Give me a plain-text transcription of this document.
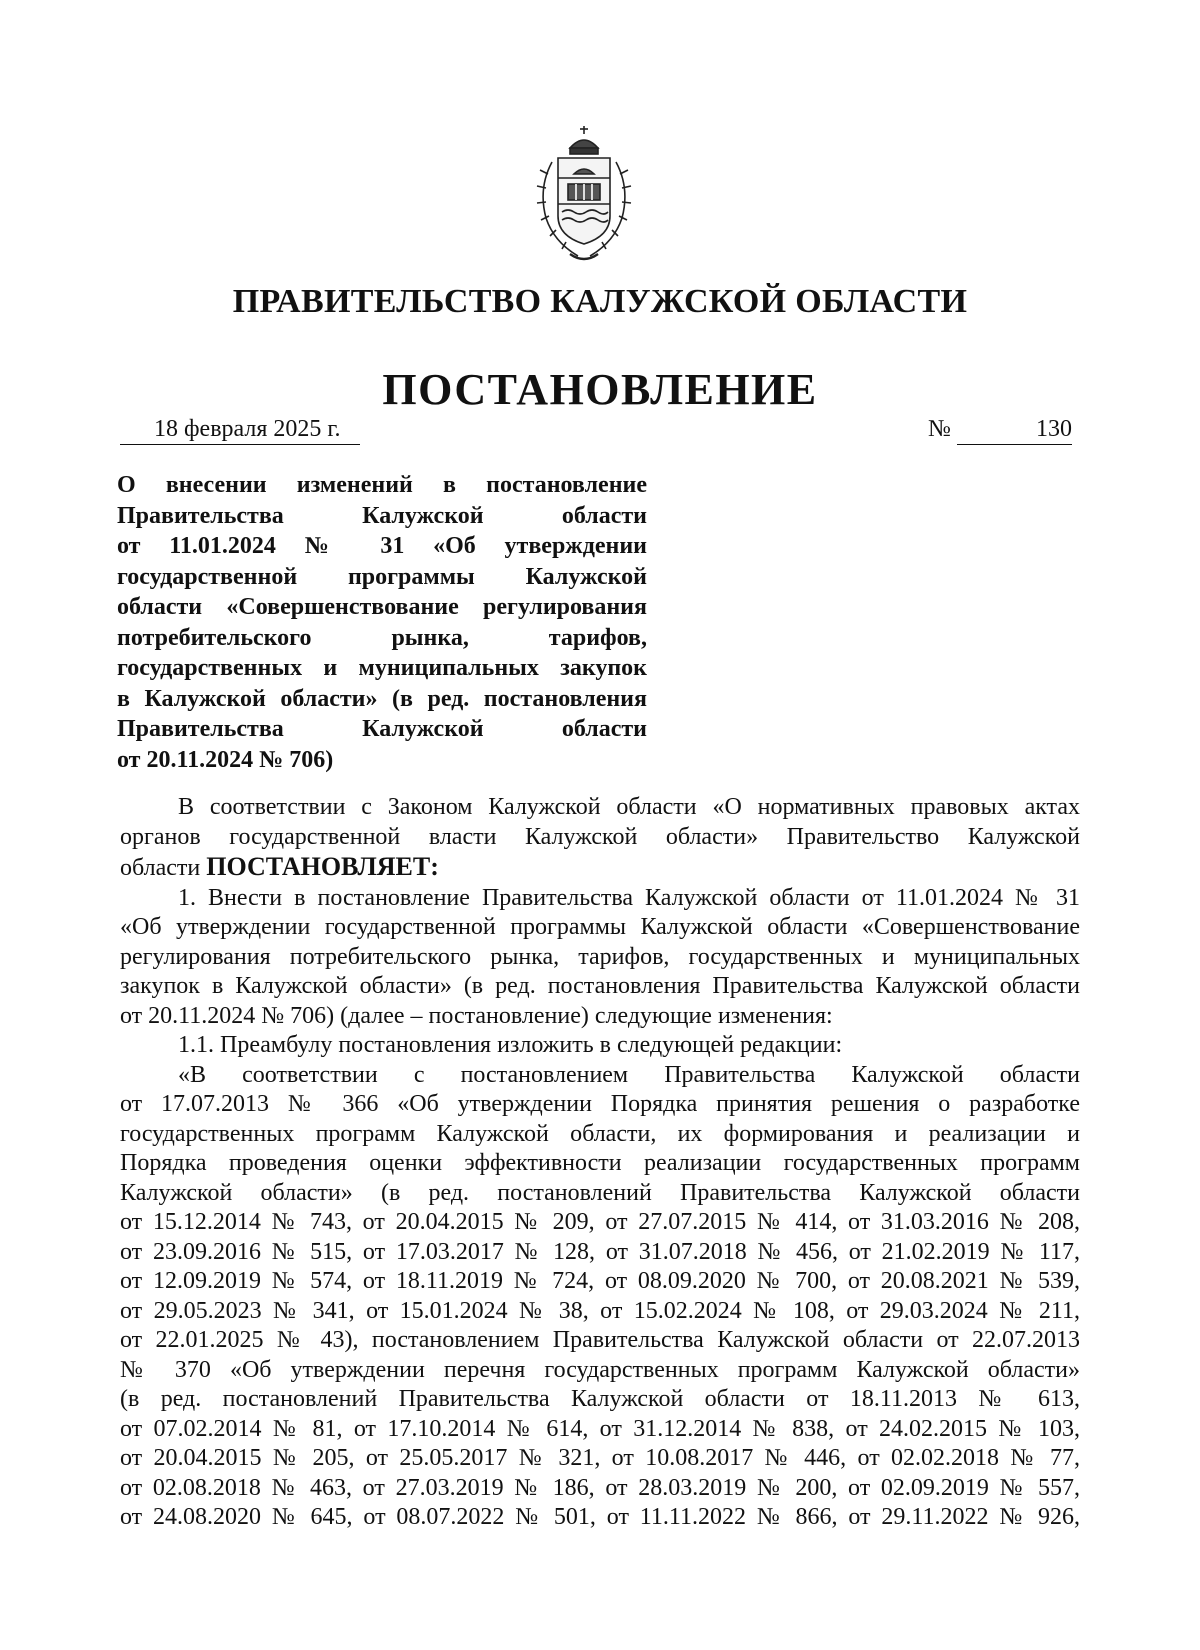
ПРАВИТЕЛЬСТВО КАЛУЖСКОЙ ОБЛАСТИ
ПОСТАНОВЛЕНИЕ
18 февраля 2025 г.	№	130
О внесении изменений в постановление
Правительства Калужской области
от 11.01.2024 № 31 «Об утверждении
государственной программы Калужской
области «Совершенствование регулирования
потребительского рынка, тарифов,
государственных и муниципальных закупок
в Калужской области» (в ред. постановления
Правительства Калужской области
от 20.11.2024 № 706)
В соответствии с Законом Калужской области «О нормативных правовых актах
органов государственной власти Калужской области» Правительство Калужской
области ПОСТАНОВЛЯЕТ:
1. Внести в постановление Правительства Калужской области от 11.01.2024 № 31
«Об утверждении государственной программы Калужской области «Совершенствование
регулирования потребительского рынка, тарифов, государственных и муниципальных
закупок в Калужской области» (в ред. постановления Правительства Калужской области
от 20.11.2024 № 706) (далее – постановление) следующие изменения:
1.1. Преамбулу постановления изложить в следующей редакции:
«В соответствии с постановлением Правительства Калужской области
от 17.07.2013 № 366 «Об утверждении Порядка принятия решения о разработке
государственных программ Калужской области, их формирования и реализации и
Порядка проведения оценки эффективности реализации государственных программ
Калужской области» (в ред. постановлений Правительства Калужской области
от 15.12.2014 № 743, от 20.04.2015 № 209, от 27.07.2015 № 414, от 31.03.2016 № 208,
от 23.09.2016 № 515, от 17.03.2017 № 128, от 31.07.2018 № 456, от 21.02.2019 № 117,
от 12.09.2019 № 574, от 18.11.2019 № 724, от 08.09.2020 № 700, от 20.08.2021 № 539,
от 29.05.2023 № 341, от 15.01.2024 № 38, от 15.02.2024 № 108, от 29.03.2024 № 211,
от 22.01.2025 № 43), постановлением Правительства Калужской области от 22.07.2013
№ 370 «Об утверждении перечня государственных программ Калужской области»
(в ред. постановлений Правительства Калужской области от 18.11.2013 № 613,
от 07.02.2014 № 81, от 17.10.2014 № 614, от 31.12.2014 № 838, от 24.02.2015 № 103,
от 20.04.2015 № 205, от 25.05.2017 № 321, от 10.08.2017 № 446, от 02.02.2018 № 77,
от 02.08.2018 № 463, от 27.03.2019 № 186, от 28.03.2019 № 200, от 02.09.2019 № 557,
от 24.08.2020 № 645, от 08.07.2022 № 501, от 11.11.2022 № 866, от 29.11.2022 № 926,
